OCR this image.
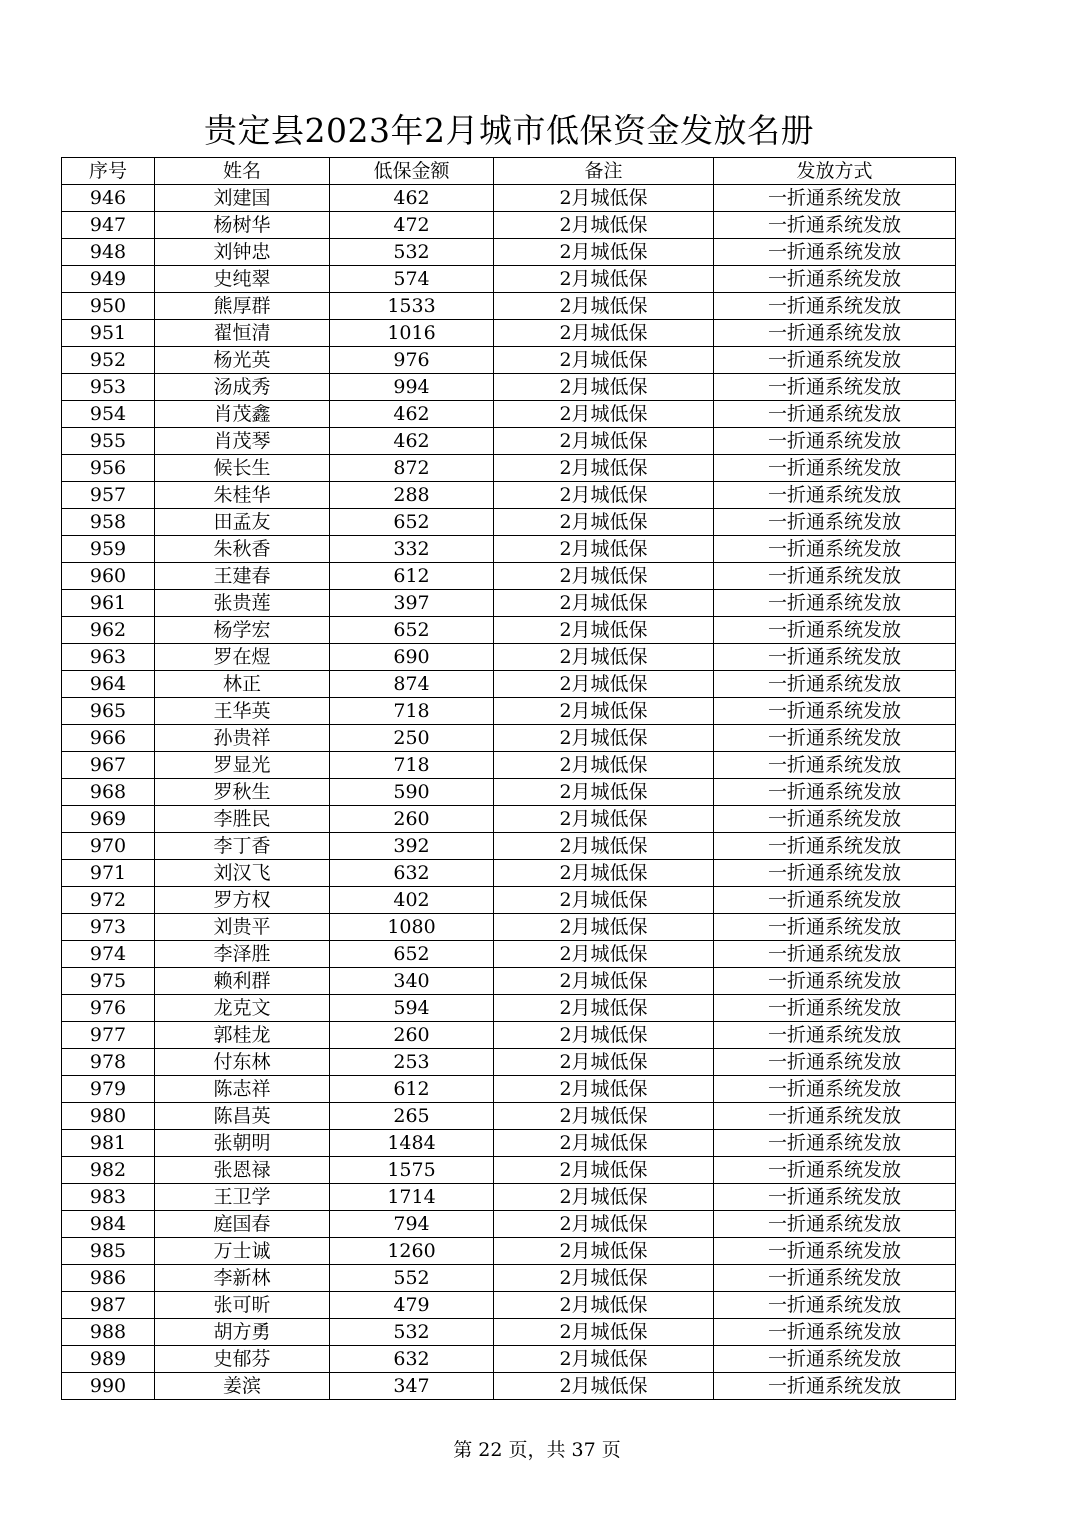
贵定县2023年2月城市低保资金发放名册
序号	姓名	低保金额	备注	发放方式
946	刘建国	462	2月城低保	一折通系统发放
947	杨树华	472	2月城低保	一折通系统发放
948	刘钟忠	532	2月城低保	一折通系统发放
949	史纯翠	574	2月城低保	一折通系统发放
950	熊厚群	1533	2月城低保	一折通系统发放
951	翟恒清	1016	2月城低保	一折通系统发放
952	杨光英	976	2月城低保	一折通系统发放
953	汤成秀	994	2月城低保	一折通系统发放
954	肖茂鑫	462	2月城低保	一折通系统发放
955	肖茂琴	462	2月城低保	一折通系统发放
956	候长生	872	2月城低保	一折通系统发放
957	朱桂华	288	2月城低保	一折通系统发放
958	田孟友	652	2月城低保	一折通系统发放
959	朱秋香	332	2月城低保	一折通系统发放
960	王建春	612	2月城低保	一折通系统发放
961	张贵莲	397	2月城低保	一折通系统发放
962	杨学宏	652	2月城低保	一折通系统发放
963	罗在煜	690	2月城低保	一折通系统发放
964	林正	874	2月城低保	一折通系统发放
965	王华英	718	2月城低保	一折通系统发放
966	孙贵祥	250	2月城低保	一折通系统发放
967	罗显光	718	2月城低保	一折通系统发放
968	罗秋生	590	2月城低保	一折通系统发放
969	李胜民	260	2月城低保	一折通系统发放
970	李丁香	392	2月城低保	一折通系统发放
971	刘汉飞	632	2月城低保	一折通系统发放
972	罗方权	402	2月城低保	一折通系统发放
973	刘贵平	1080	2月城低保	一折通系统发放
974	李泽胜	652	2月城低保	一折通系统发放
975	赖利群	340	2月城低保	一折通系统发放
976	龙克文	594	2月城低保	一折通系统发放
977	郭桂龙	260	2月城低保	一折通系统发放
978	付东林	253	2月城低保	一折通系统发放
979	陈志祥	612	2月城低保	一折通系统发放
980	陈昌英	265	2月城低保	一折通系统发放
981	张朝明	1484	2月城低保	一折通系统发放
982	张恩禄	1575	2月城低保	一折通系统发放
983	王卫学	1714	2月城低保	一折通系统发放
984	庭国春	794	2月城低保	一折通系统发放
985	万士诚	1260	2月城低保	一折通系统发放
986	李新林	552	2月城低保	一折通系统发放
987	张可昕	479	2月城低保	一折通系统发放
988	胡方勇	532	2月城低保	一折通系统发放
989	史郁芬	632	2月城低保	一折通系统发放
990	姜滨	347	2月城低保	一折通系统发放
第 22 页，共 37 页
